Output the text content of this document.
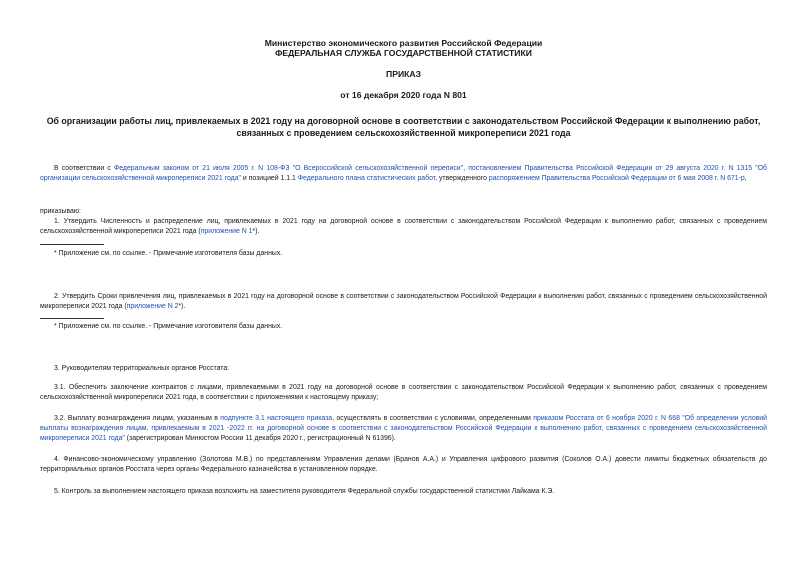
Министерство экономического развития Российской Федерации
ФЕДЕРАЛЬНАЯ СЛУЖБА ГОСУДАРСТВЕННОЙ СТАТИСТИКИ
ПРИКАЗ
от 16 декабря 2020 года N 801
Об организации работы лиц, привлекаемых в 2021 году на договорной основе в соответствии с законодательством Российской Федерации к выполнению работ,
связанных с проведением сельскохозяйственной микропереписи 2021 года
В соответствии с Федеральным законом от 21 июля 2005 г. N 108-ФЗ "О Всероссийской сельскохозяйственной переписи", постановлением Правительства Российской Федерации от 29 августа 2020 г. N 1315 "Об организации сельскохозяйственной микропереписи 2021 года" и позицией 1.1.1 Федерального плана статистических работ, утвержденного распоряжением Правительства Российской Федерации от 6 мая 2008 г. N 671-р,
приказываю:
1. Утвердить Численность и распределение лиц, привлекаемых в 2021 году на договорной основе в соответствии с законодательством Российской Федерации к выполнению работ, связанных с проведением сельскохозяйственной микропереписи 2021 года (приложение N 1*).
* Приложение см. по ссылке. - Примечание изготовителя базы данных.
2. Утвердить Сроки привлечения лиц, привлекаемых в 2021 году на договорной основе в соответствии с законодательством Российской Федерации к выполнению работ, связанных с проведением сельскохозяйственной микропереписи 2021 года (приложение N 2*).
* Приложение см. по ссылке. - Примечание изготовителя базы данных.
3. Руководителям территориальных органов Росстата:
3.1. Обеспечить заключение контрактов с лицами, привлекаемыми в 2021 году на договорной основе в соответствии с законодательством Российской Федерации к выполнению работ, связанных с проведением сельскохозяйственной микропереписи 2021 года, в соответствии с приложениями к настоящему приказу;
3.2. Выплату вознаграждения лицам, указанным в подпункте 3.1 настоящего приказа, осуществлять в соответствии с условиями, определенными приказом Росстата от 6 ноября 2020 г. N 668 "Об определении условий выплаты вознаграждения лицам, привлекаемым в 2021 -2022 гг. на договорной основе в соответствии с законодательством Российской Федерации к выполнению работ, связанных с проведением сельскохозяйственной микропереписи 2021 года" (зарегистрирован Минюстом России 11 декабря 2020 г., регистрационный N 61396).
4. Финансово-экономическому управлению (Золотова М.В.) по представлениям Управления делами (Бранов А.А.) и Управления цифрового развития (Соколов О.А.) довести лимиты бюджетных обязательств до территориальных органов Росстата через органы Федерального казначейства в установленном порядке.
5. Контроль за выполнением настоящего приказа возложить на заместителя руководителя Федеральной службы государственной статистики Лайкама К.Э.
